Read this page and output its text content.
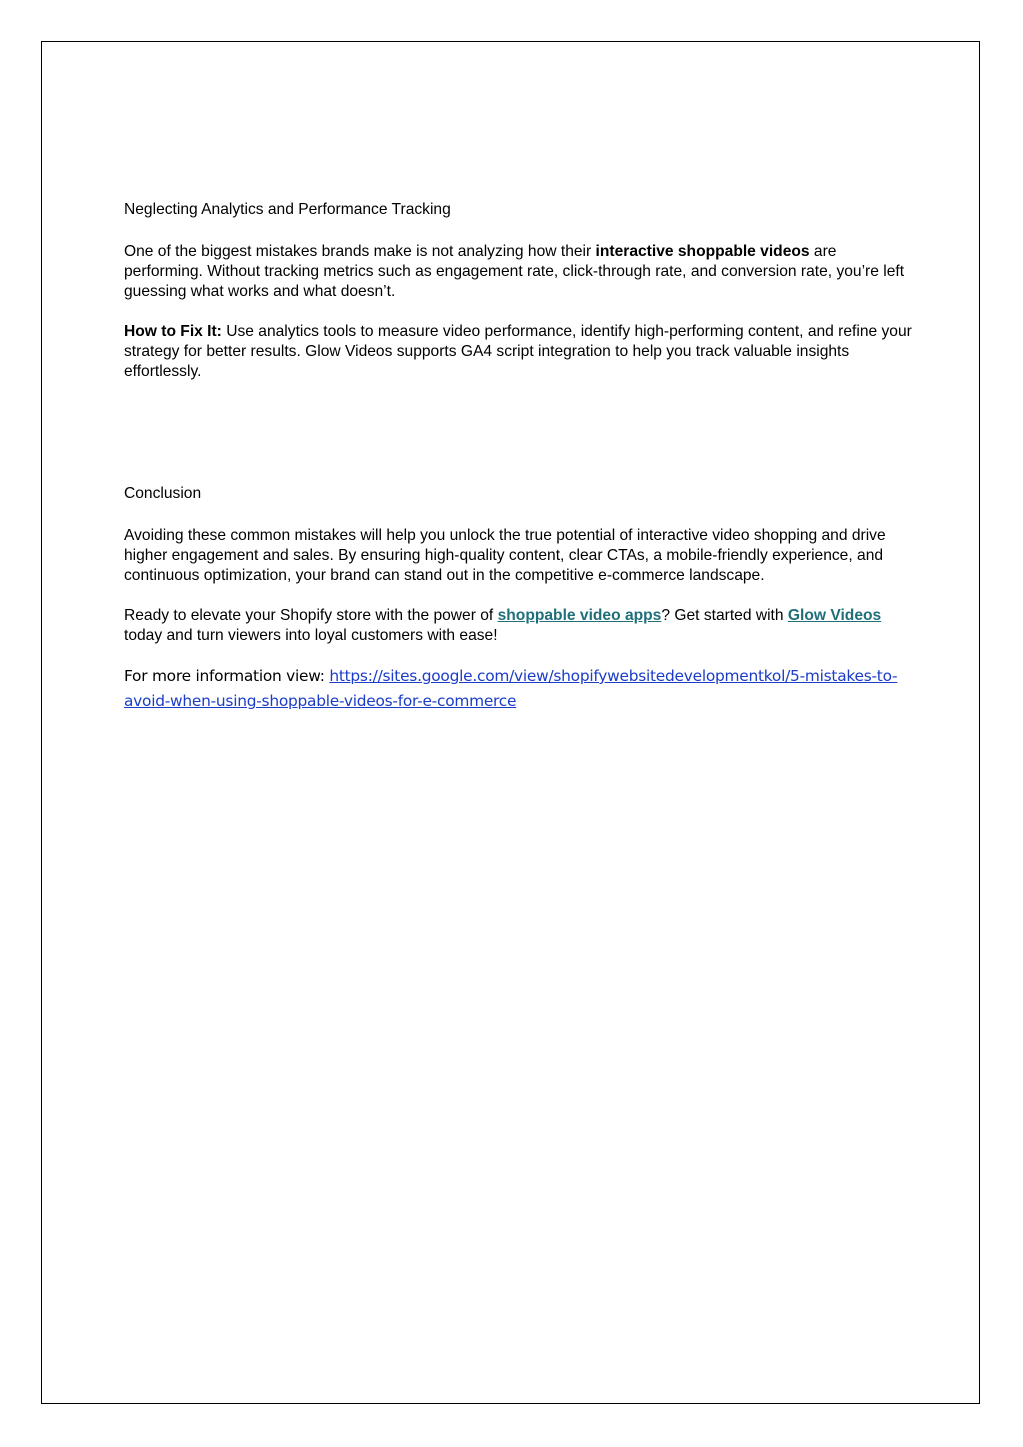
Neglecting Analytics and Performance Tracking

One of the biggest mistakes brands make is not analyzing how their interactive shoppable videos are performing. Without tracking metrics such as engagement rate, click-through rate, and conversion rate, you’re left guessing what works and what doesn’t.

How to Fix It: Use analytics tools to measure video performance, identify high-performing content, and refine your strategy for better results. Glow Videos supports GA4 script integration to help you track valuable insights effortlessly.

Conclusion

Avoiding these common mistakes will help you unlock the true potential of interactive video shopping and drive higher engagement and sales. By ensuring high-quality content, clear CTAs, a mobile-friendly experience, and continuous optimization, your brand can stand out in the competitive e-commerce landscape.

Ready to elevate your Shopify store with the power of shoppable video apps? Get started with Glow Videos today and turn viewers into loyal customers with ease!

For more information view: https://sites.google.com/view/shopifywebsitedevelopmentkol/5-mistakes-to-avoid-when-using-shoppable-videos-for-e-commerce
